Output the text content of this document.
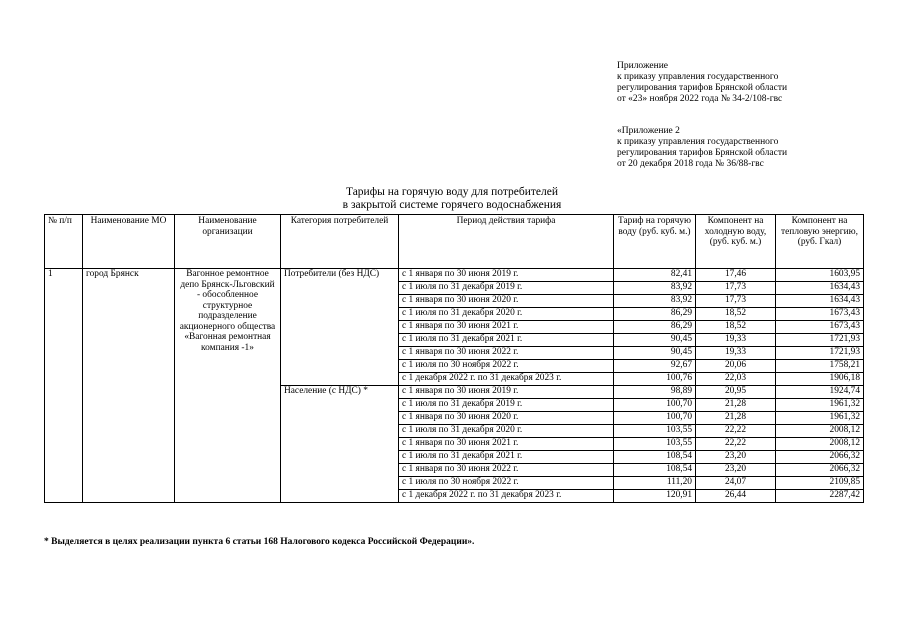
Приложение
к приказу управления государственного
регулирования тарифов Брянской области
от «23» ноября 2022 года № 34-2/108-гвс
«Приложение 2
к приказу управления государственного
регулирования тарифов Брянской области
от 20 декабря 2018 года № 36/88-гвс
Тарифы на горячую воду для потребителей
в закрытой системе горячего водоснабжения
№ п/п	Наименование МО	Наименование организации	Категория потребителей	Период действия тарифа	Тариф на горячую воду (руб. куб. м.)	Компонент на холодную воду, (руб. куб. м.)	Компонент на тепловую энергию, (руб. Гкал)
1	город Брянск	Вагонное ремонтное депо Брянск-Льговский - обособленное структурное подразделение акционерного общества «Вагонная ремонтная компания -1»	Потребители (без НДС)	с 1 января по 30 июня 2019 г.	82,41	17,46	1603,95
				с 1 июля по 31 декабря 2019 г.	83,92	17,73	1634,43
				с 1 января по 30 июня 2020 г.	83,92	17,73	1634,43
				с 1 июля по 31 декабря 2020 г.	86,29	18,52	1673,43
				с 1 января по 30 июня 2021 г.	86,29	18,52	1673,43
				с 1 июля по 31 декабря 2021 г.	90,45	19,33	1721,93
				с 1 января по 30 июня 2022 г.	90,45	19,33	1721,93
				с 1 июля по 30 ноября 2022 г.	92,67	20,06	1758,21
				с 1 декабря 2022 г. по 31 декабря 2023 г.	100,76	22,03	1906,18
			Население (с НДС) *	с 1 января по 30 июня 2019 г.	98,89	20,95	1924,74
				с 1 июля по 31 декабря 2019 г.	100,70	21,28	1961,32
				с 1 января по 30 июня 2020 г.	100,70	21,28	1961,32
				с 1 июля по 31 декабря 2020 г.	103,55	22,22	2008,12
				с 1 января по 30 июня 2021 г.	103,55	22,22	2008,12
				с 1 июля по 31 декабря 2021 г.	108,54	23,20	2066,32
				с 1 января по 30 июня 2022 г.	108,54	23,20	2066,32
				с 1 июля по 30 ноября 2022 г.	111,20	24,07	2109,85
				с 1 декабря 2022 г. по 31 декабря 2023 г.	120,91	26,44	2287,42
* Выделяется в целях реализации пункта 6 статьи 168 Налогового кодекса Российской Федерации».
